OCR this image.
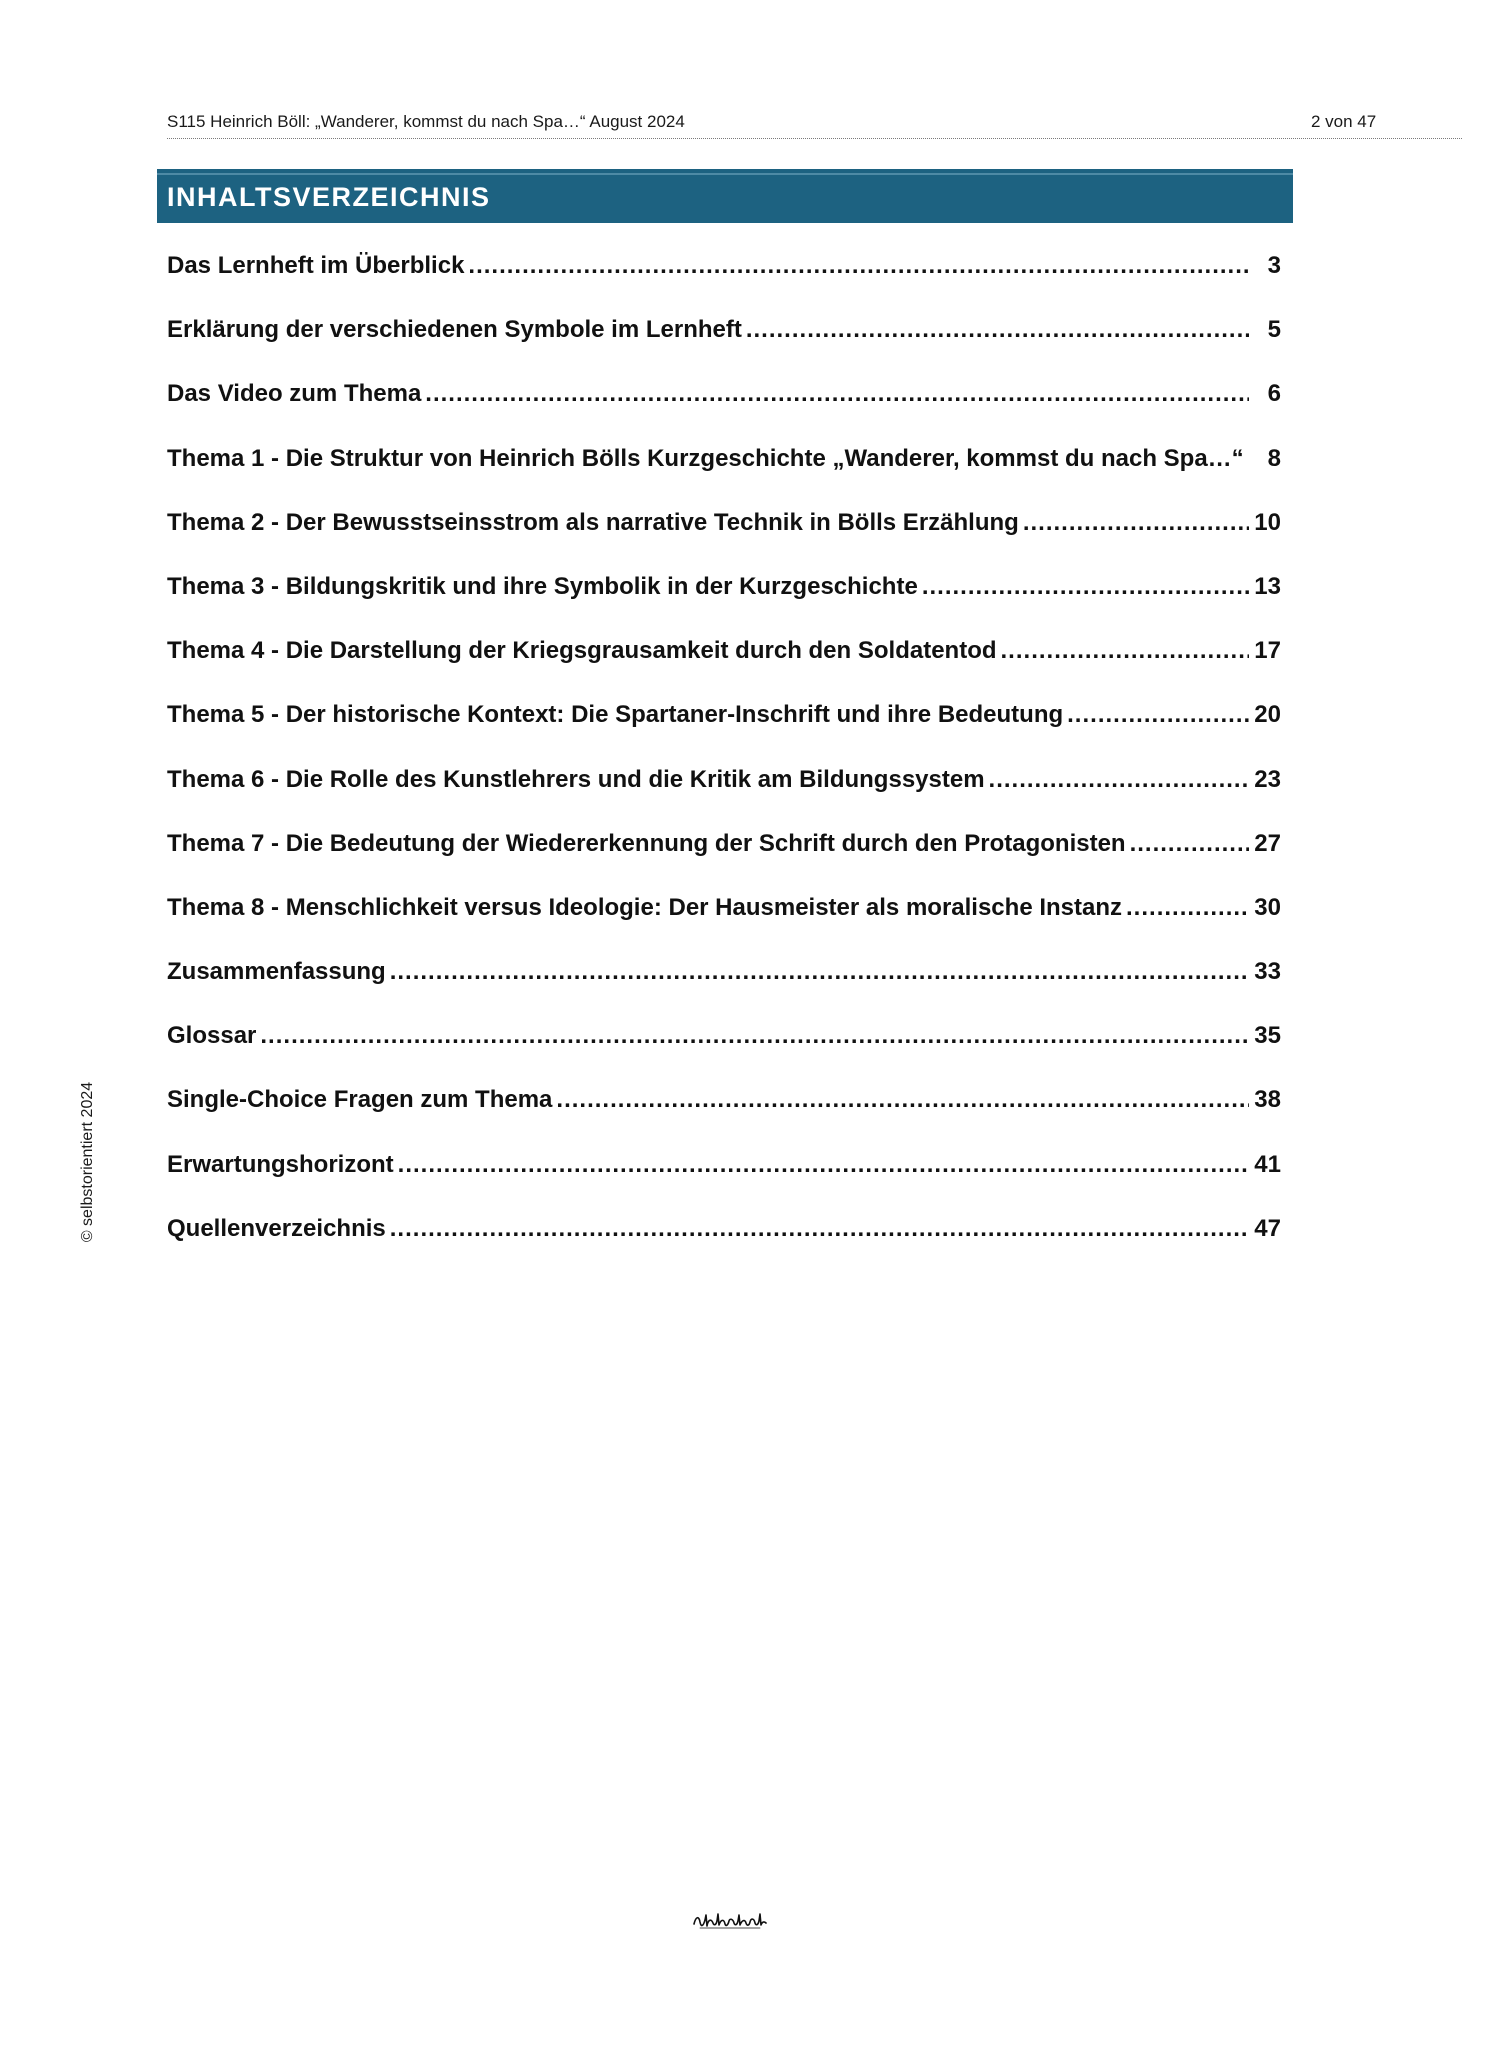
S115 Heinrich Böll: „Wanderer, kommst du nach Spa…“ August 2024	2 von 47
INHALTSVERZEICHNIS
Das Lernheft im Überblick .....	3
Erklärung der verschiedenen Symbole im Lernheft .....	5
Das Video zum Thema .....	6
Thema 1 - Die Struktur von Heinrich Bölls Kurzgeschichte „Wanderer, kommst du nach Spa…“ ..... 8
Thema 2 - Der Bewusstseinsstrom als narrative Technik in Bölls Erzählung .....	10
Thema 3 - Bildungskritik und ihre Symbolik in der Kurzgeschichte .....	13
Thema 4 - Die Darstellung der Kriegsgrausamkeit durch den Soldatentod .....	17
Thema 5 - Der historische Kontext: Die Spartaner-Inschrift und ihre Bedeutung .....	20
Thema 6 - Die Rolle des Kunstlehrers und die Kritik am Bildungssystem .....	23
Thema 7 - Die Bedeutung der Wiedererkennung der Schrift durch den Protagonisten .....	27
Thema 8 - Menschlichkeit versus Ideologie: Der Hausmeister als moralische Instanz .....	30
Zusammenfassung .....	33
Glossar .....	35
Single-Choice Fragen zum Thema .....	38
Erwartungshorizont .....	41
Quellenverzeichnis .....	47
© selbstorientiert 2024
